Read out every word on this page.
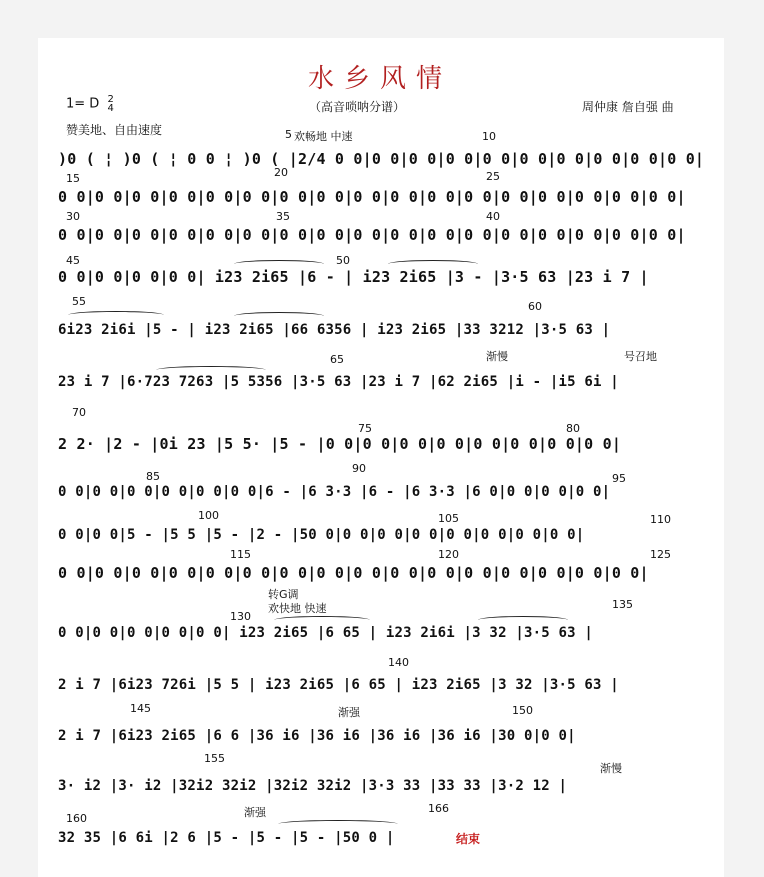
水乡风情
1= D 2
4	（高音唢呐分谱）	周仲康 詹自强 曲
赞美地、自由速度	欢畅地 中速
渐慢	号召地
转G调
欢快地 快速
渐强
渐慢
渐强
5	10
15	20	25
30	35	40
45	50
55	60
65
70
75	80
85
90
95
100	105	110
115	120	125
130
135
140
145	150
155
160
166
)0 ( ¦ )0 ( ¦ 0 0 ¦ )0 ( |2/4 0 0|0 0|0 0|0 0|0 0|0 0|0 0|0 0|0 0|0 0|
0 0|0 0|0 0|0 0|0 0|0 0|0 0|0 0|0 0|0 0|0 0|0 0|0 0|0 0|0 0|0 0|0 0|
0 0|0 0|0 0|0 0|0 0|0 0|0 0|0 0|0 0|0 0|0 0|0 0|0 0|0 0|0 0|0 0|0 0|
0 0|0 0|0 0|0 0| i23 2i65 |6 - | i23 2i65 |3 - |3·5 63 |23 i 7 |
6i23 2i6i |5 - | i23 2i65 |66 6356 | i23 2i65 |33 3212 |3·5 63 |
23 i 7 |6·723 7263 |5 5356 |3·5 63 |23 i 7 |62 2i65 |i - |i5 6i |
2 2· |2 - |0i 23 |5 5· |5 - |0 0|0 0|0 0|0 0|0 0|0 0|0 0|0 0|
0 0|0 0|0 0|0 0|0 0|0 0|6 - |6 3·3 |6 - |6 3·3 |6 0|0 0|0 0|0 0|
0 0|0 0|5 - |5 5 |5 - |2 - |50 0|0 0|0 0|0 0|0 0|0 0|0 0|0 0|
0 0|0 0|0 0|0 0|0 0|0 0|0 0|0 0|0 0|0 0|0 0|0 0|0 0|0 0|0 0|0 0|
0 0|0 0|0 0|0 0|0 0| i23 2i65 |6 65 | i23 2i6i |3 32 |3·5 63 |
2 i 7 |6i23 726i |5 5 | i23 2i65 |6 65 | i23 2i65 |3 32 |3·5 63 |
2 i 7 |6i23 2i65 |6 6 |36 i6 |36 i6 |36 i6 |36 i6 |30 0|0 0|
3· i2 |3· i2 |32i2 32i2 |32i2 32i2 |3·3 33 |33 33 |3·2 12 |
32 35 |6 6i |2 6 |5 - |5 - |5 - |50 0 |	结束
